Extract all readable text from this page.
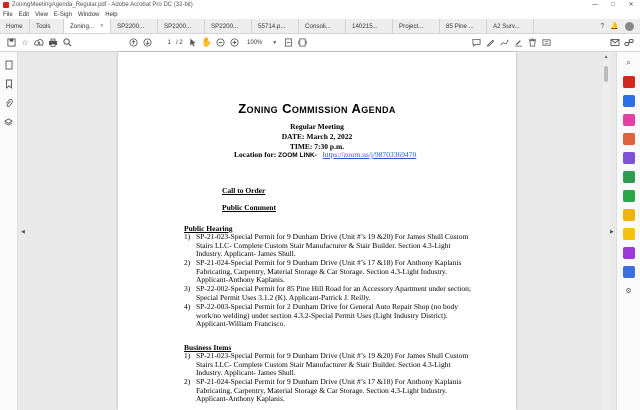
ZoningMeetingAgenda_Regular.pdf - Adobe Acrobat Pro DC (32-bit)	—	□	✕
File	Edit	View	E-Sign	Window	Help
Home Tools	Zoning... ✕ SP2200...	SP2200...	SP2200...	55714.p...	Consoli...	140215...	Project...	85 Pine ...	A2 Surv...	? 🔔
☆	1 / 2 ✋	100%	▼
◀
Zoning Commission Agenda
Regular Meeting
DATE: March 2, 2022
TIME: 7:30 p.m.
Location for: ZOOM LINK- https://zoom.us/j/98703369470
Call to Order
Public Comment
Public Hearing
1) SP-21-023-Special Permit for 9 Dunham Drive (Unit #’s 19 &20) For James Shull Custom Stairs LLC- Complete Custom Stair Manufacturer & Stair Builder. Section 4.3-Light Industry. Applicant- James Shull.
2) SP-21-024-Special Permit for 9 Dunham Drive (Unit #’s 17 &18) For Anthony Kaplanis Fabricating, Carpentry, Material Storage & Car Storage. Section 4.3-Light Industry. Applicant-Anthony Kaplanis.
3) SP-22-002-Special Permit for 85 Pine Hill Road for an Accessory Apartment under section; Special Permit Uses 3.1.2 (K). Applicant-Patrick J. Reilly.
4) SP-22-003-Special Permit for 2 Dunham Drive for General Auto Repair Shop (no body work/no welding) under section 4.3.2-Special Permit Uses (Light Industry District). Applicant-William Francisco.
Business Items
1) SP-21-023-Special Permit for 9 Dunham Drive (Unit #’s 19 &20) For James Shull Custom Stairs LLC- Complete Custom Stair Manufacturer & Stair Builder. Section 4.3-Light Industry. Applicant- James Shull.
2) SP-21-024-Special Permit for 9 Dunham Drive (Unit #’s 17 &18) For Anthony Kaplanis Fabricating, Carpentry, Material Storage & Car Storage. Section 4.3-Light Industry. Applicant-Anthony Kaplanis.
▲
▶
⌕
⚙
